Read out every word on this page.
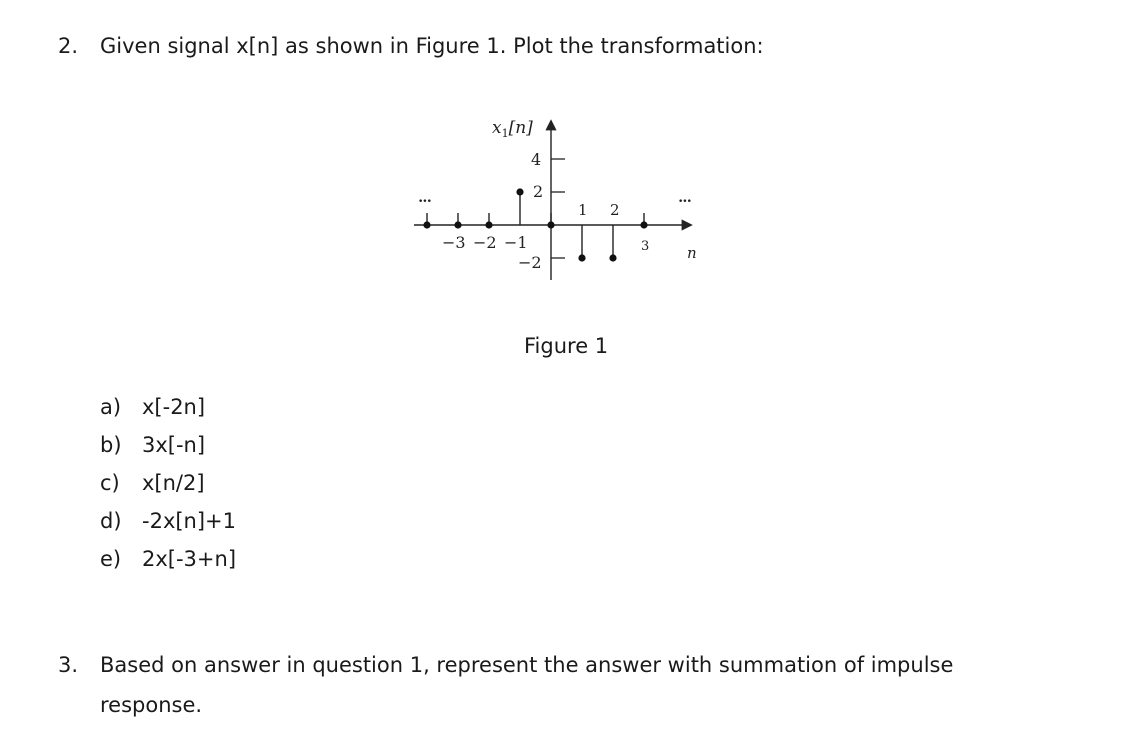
2. Given signal x[n] as shown in Figure 1. Plot the transformation:
4
2
−2
$x_1[n]$
n
•••	•••
−3 −2 −1
1 2
3
Figure 1
a) x[-2n]
b) 3x[-n]
c) x[n/2]
d) -2x[n]+1
e) 2x[-3+n]
3. Based on answer in question 1, represent the answer with summation of impulse
response.
